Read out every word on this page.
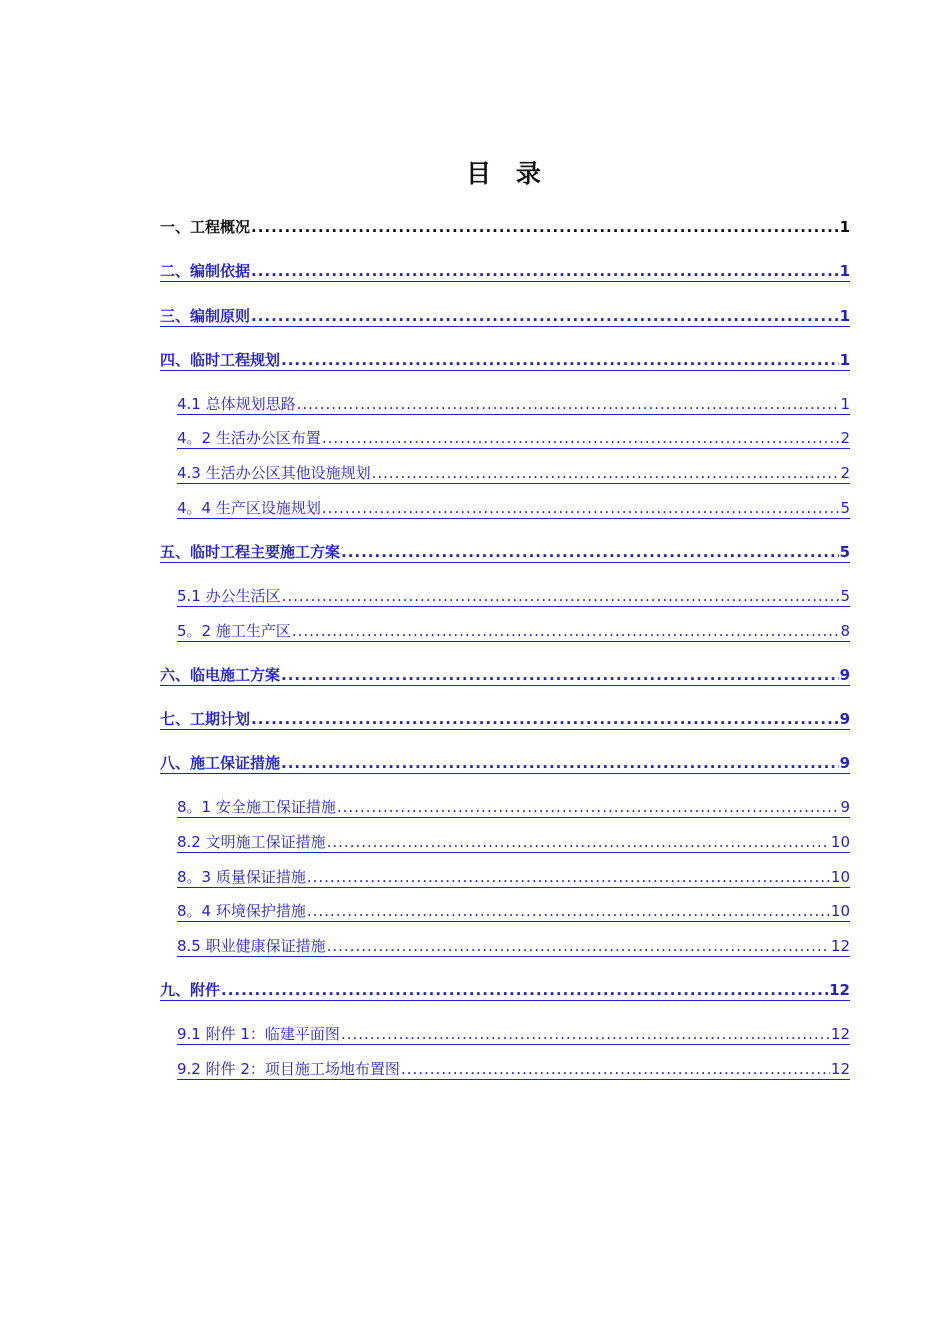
目 录
一、工程概况 .....	1
二、编制依据 .....	1
三、编制原则 .....	1
四、临时工程规划 .....	1
4.1 总体规划思路 .....	1
4。2 生活办公区布置 .....	2
4.3 生活办公区其他设施规划 .....	2
4。4 生产区设施规划 .....	5
五、临时工程主要施工方案 .....	5
5.1 办公生活区 .....	5
5。2 施工生产区 .....	8
六、临电施工方案 .....	9
七、工期计划 .....	9
八、施工保证措施 .....	9
8。1 安全施工保证措施 .....	9
8.2 文明施工保证措施 .....	10
8。3 质量保证措施 .....	10
8。4 环境保护措施 .....	10
8.5 职业健康保证措施 .....	12
九、附件 .....	12
9.1 附件 1：临建平面图 .....	12
9.2 附件 2：项目施工场地布置图 .....	12
